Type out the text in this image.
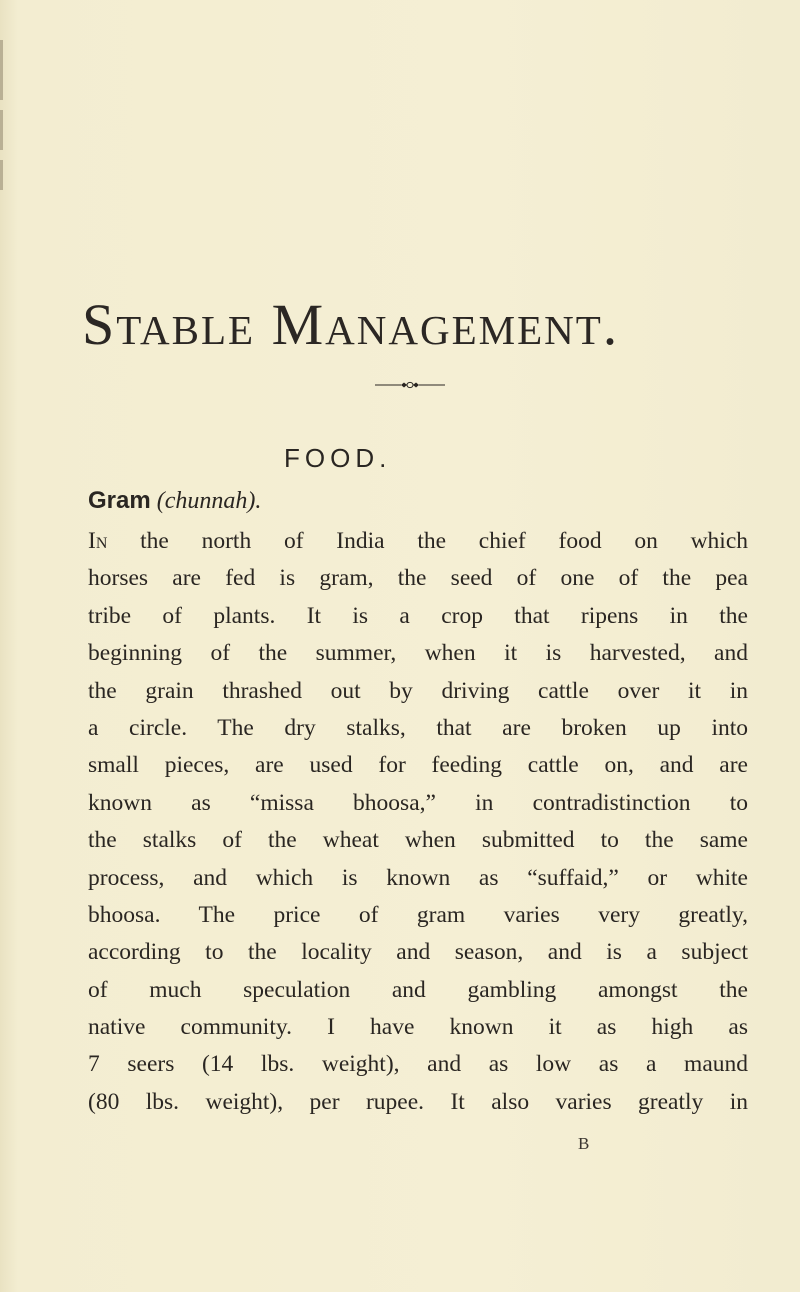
Stable Management.
FOOD.
Gram (chunnah).
In the north of India the chief food on which
horses are fed is gram, the seed of one of the pea
tribe of plants. It is a crop that ripens in the
beginning of the summer, when it is harvested, and
the grain thrashed out by driving cattle over it in
a circle. The dry stalks, that are broken up into
small pieces, are used for feeding cattle on, and are
known as “missa bhoosa,” in contradistinction to
the stalks of the wheat when submitted to the same
process, and which is known as “suffaid,” or white
bhoosa. The price of gram varies very greatly,
according to the locality and season, and is a subject
of much speculation and gambling amongst the
native community. I have known it as high as
7 seers (14 lbs. weight), and as low as a maund
(80 lbs. weight), per rupee. It also varies greatly in
B
